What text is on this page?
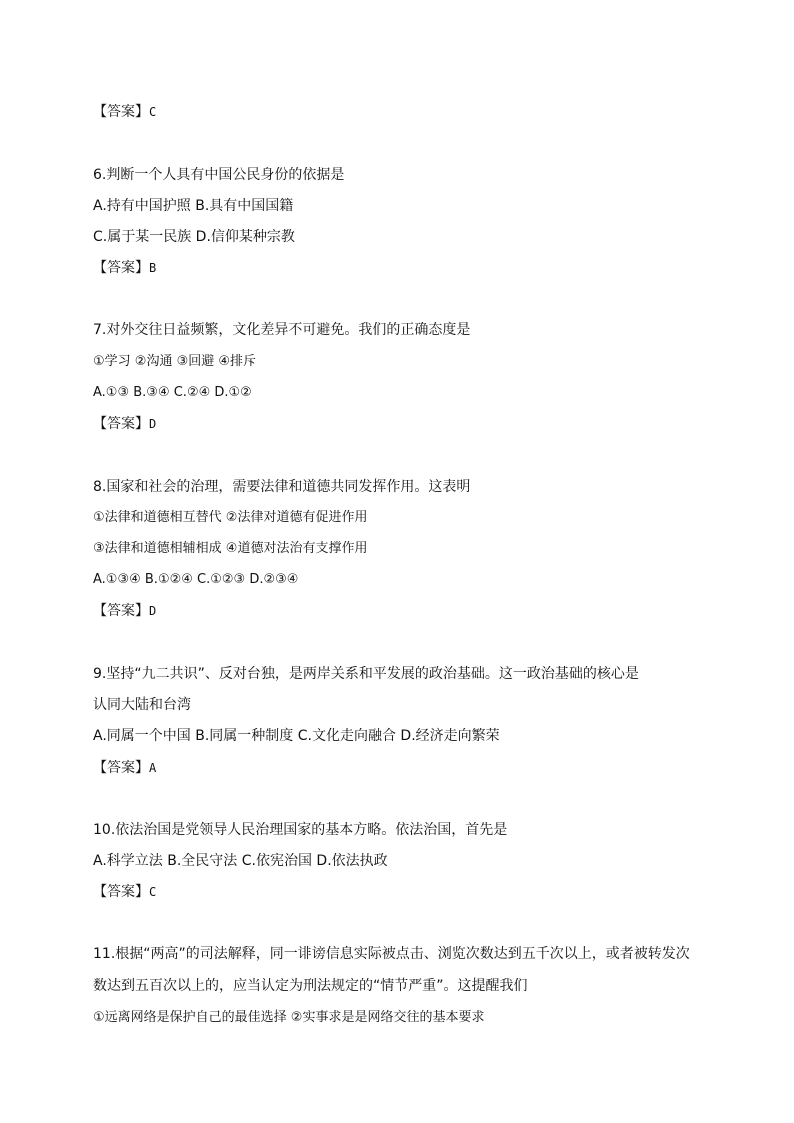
【答案】C
6.判断一个人具有中国公民身份的依据是
A.持有中国护照 B.具有中国国籍
C.属于某一民族 D.信仰某种宗教
【答案】B
7.对外交往日益频繁，文化差异不可避免。我们的正确态度是
①学习 ②沟通 ③回避 ④排斥
A.①③ B.③④ C.②④ D.①②
【答案】D
8.国家和社会的治理，需要法律和道德共同发挥作用。这表明
①法律和道德相互替代 ②法律对道德有促进作用
③法律和道德相辅相成 ④道德对法治有支撑作用
A.①③④ B.①②④ C.①②③ D.②③④
【答案】D
9.坚持“九二共识”、反对台独，是两岸关系和平发展的政治基础。这一政治基础的核心是
认同大陆和台湾
A.同属一个中国 B.同属一种制度 C.文化走向融合 D.经济走向繁荣
【答案】A
10.依法治国是党领导人民治理国家的基本方略。依法治国，首先是
A.科学立法 B.全民守法 C.依宪治国 D.依法执政
【答案】C
11.根据“两高”的司法解释，同一诽谤信息实际被点击、浏览次数达到五千次以上，或者被转发次
数达到五百次以上的，应当认定为刑法规定的“情节严重”。这提醒我们
①远离网络是保护自己的最佳选择 ②实事求是是网络交往的基本要求
